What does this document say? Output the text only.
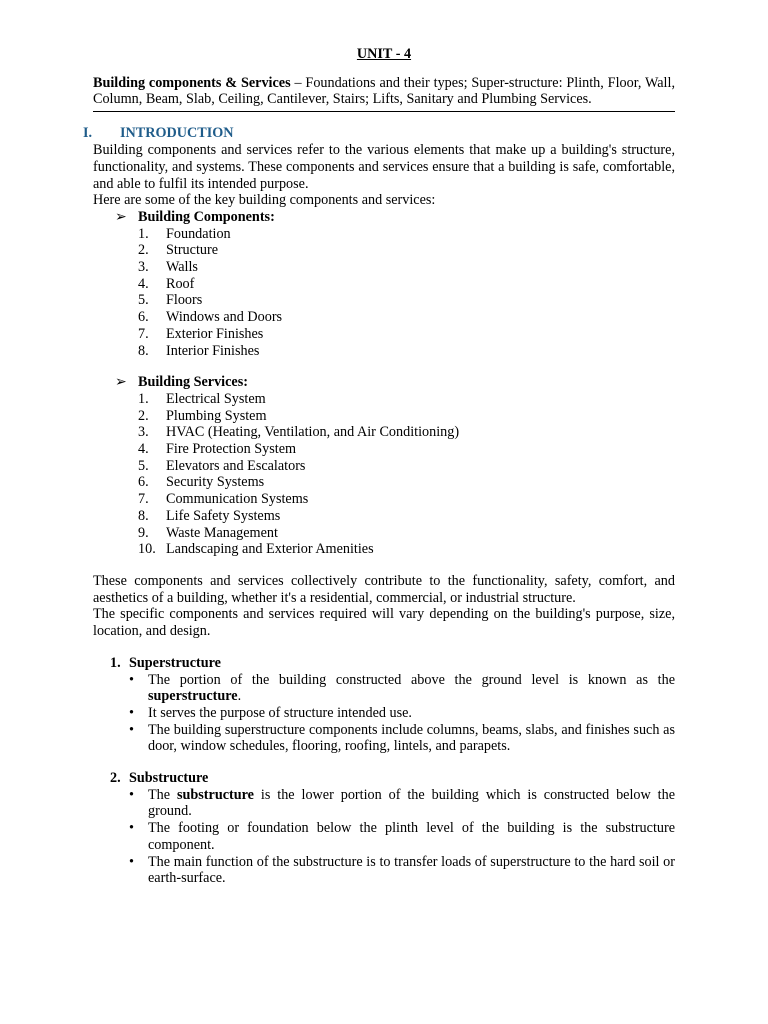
UNIT - 4
Building components & Services – Foundations and their types; Super-structure: Plinth, Floor, Wall, Column, Beam, Slab, Ceiling, Cantilever, Stairs; Lifts, Sanitary and Plumbing Services.
I. INTRODUCTION

Building components and services refer to the various elements that make up a building's structure, functionality, and systems. These components and services ensure that a building is safe, comfortable, and able to fulfil its intended purpose.

Here are some of the key building components and services:

➢ Building Components:
1. Foundation
2. Structure
3. Walls
4. Roof
5. Floors
6. Windows and Doors
7. Exterior Finishes
8. Interior Finishes
➢ Building Services:
1. Electrical System
2. Plumbing System
3. HVAC (Heating, Ventilation, and Air Conditioning)
4. Fire Protection System
5. Elevators and Escalators
6. Security Systems
7. Communication Systems
8. Life Safety Systems
9. Waste Management
10. Landscaping and Exterior Amenities

These components and services collectively contribute to the functionality, safety, comfort, and aesthetics of a building, whether it's a residential, commercial, or industrial structure.

The specific components and services required will vary depending on the building's purpose, size, location, and design.

1. Superstructure
• The portion of the building constructed above the ground level is known as the superstructure.
• It serves the purpose of structure intended use.
• The building superstructure components include columns, beams, slabs, and finishes such as door, window schedules, flooring, roofing, lintels, and parapets.
2. Substructure
• The substructure is the lower portion of the building which is constructed below the ground.
• The footing or foundation below the plinth level of the building is the substructure component.
• The main function of the substructure is to transfer loads of superstructure to the hard soil or earth-surface.
